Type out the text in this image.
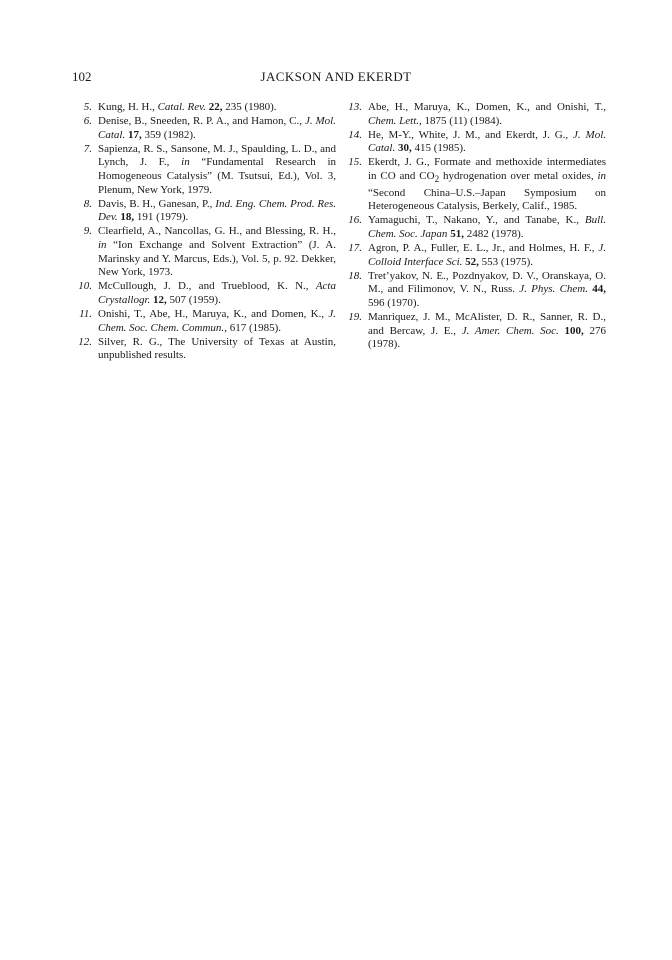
102	JACKSON AND EKERDT
5. Kung, H. H., Catal. Rev. 22, 235 (1980).
6. Denise, B., Sneeden, R. P. A., and Hamon, C., J. Mol. Catal. 17, 359 (1982).
7. Sapienza, R. S., Sansone, M. J., Spaulding, L. D., and Lynch, J. F., in “Fundamental Research in Homogeneous Catalysis” (M. Tsutsui, Ed.), Vol. 3, Plenum, New York, 1979.
8. Davis, B. H., Ganesan, P., Ind. Eng. Chem. Prod. Res. Dev. 18, 191 (1979).
9. Clearfield, A., Nancollas, G. H., and Blessing, R. H., in “Ion Exchange and Solvent Extraction” (J. A. Marinsky and Y. Marcus, Eds.), Vol. 5, p. 92. Dekker, New York, 1973.
10. McCullough, J. D., and Trueblood, K. N., Acta Crystallogr. 12, 507 (1959).
11. Onishi, T., Abe, H., Maruya, K., and Domen, K., J. Chem. Soc. Chem. Commun., 617 (1985).
12. Silver, R. G., The University of Texas at Austin, unpublished results.
13. Abe, H., Maruya, K., Domen, K., and Onishi, T., Chem. Lett., 1875 (11) (1984).
14. He, M-Y., White, J. M., and Ekerdt, J. G., J. Mol. Catal. 30, 415 (1985).
15. Ekerdt, J. G., Formate and methoxide intermediates in CO and $CO_2$ hydrogenation over metal oxides, in “Second China–U.S.–Japan Symposium on Heterogeneous Catalysis, Berkely, Calif., 1985.
16. Yamaguchi, T., Nakano, Y., and Tanabe, K., Bull. Chem. Soc. Japan 51, 2482 (1978).
17. Agron, P. A., Fuller, E. L., Jr., and Holmes, H. F., J. Colloid Interface Sci. 52, 553 (1975).
18. Tret’yakov, N. E., Pozdnyakov, D. V., Oranskaya, O. M., and Filimonov, V. N., Russ. J. Phys. Chem. 44, 596 (1970).
19. Manriquez, J. M., McAlister, D. R., Sanner, R. D., and Bercaw, J. E., J. Amer. Chem. Soc. 100, 276 (1978).
